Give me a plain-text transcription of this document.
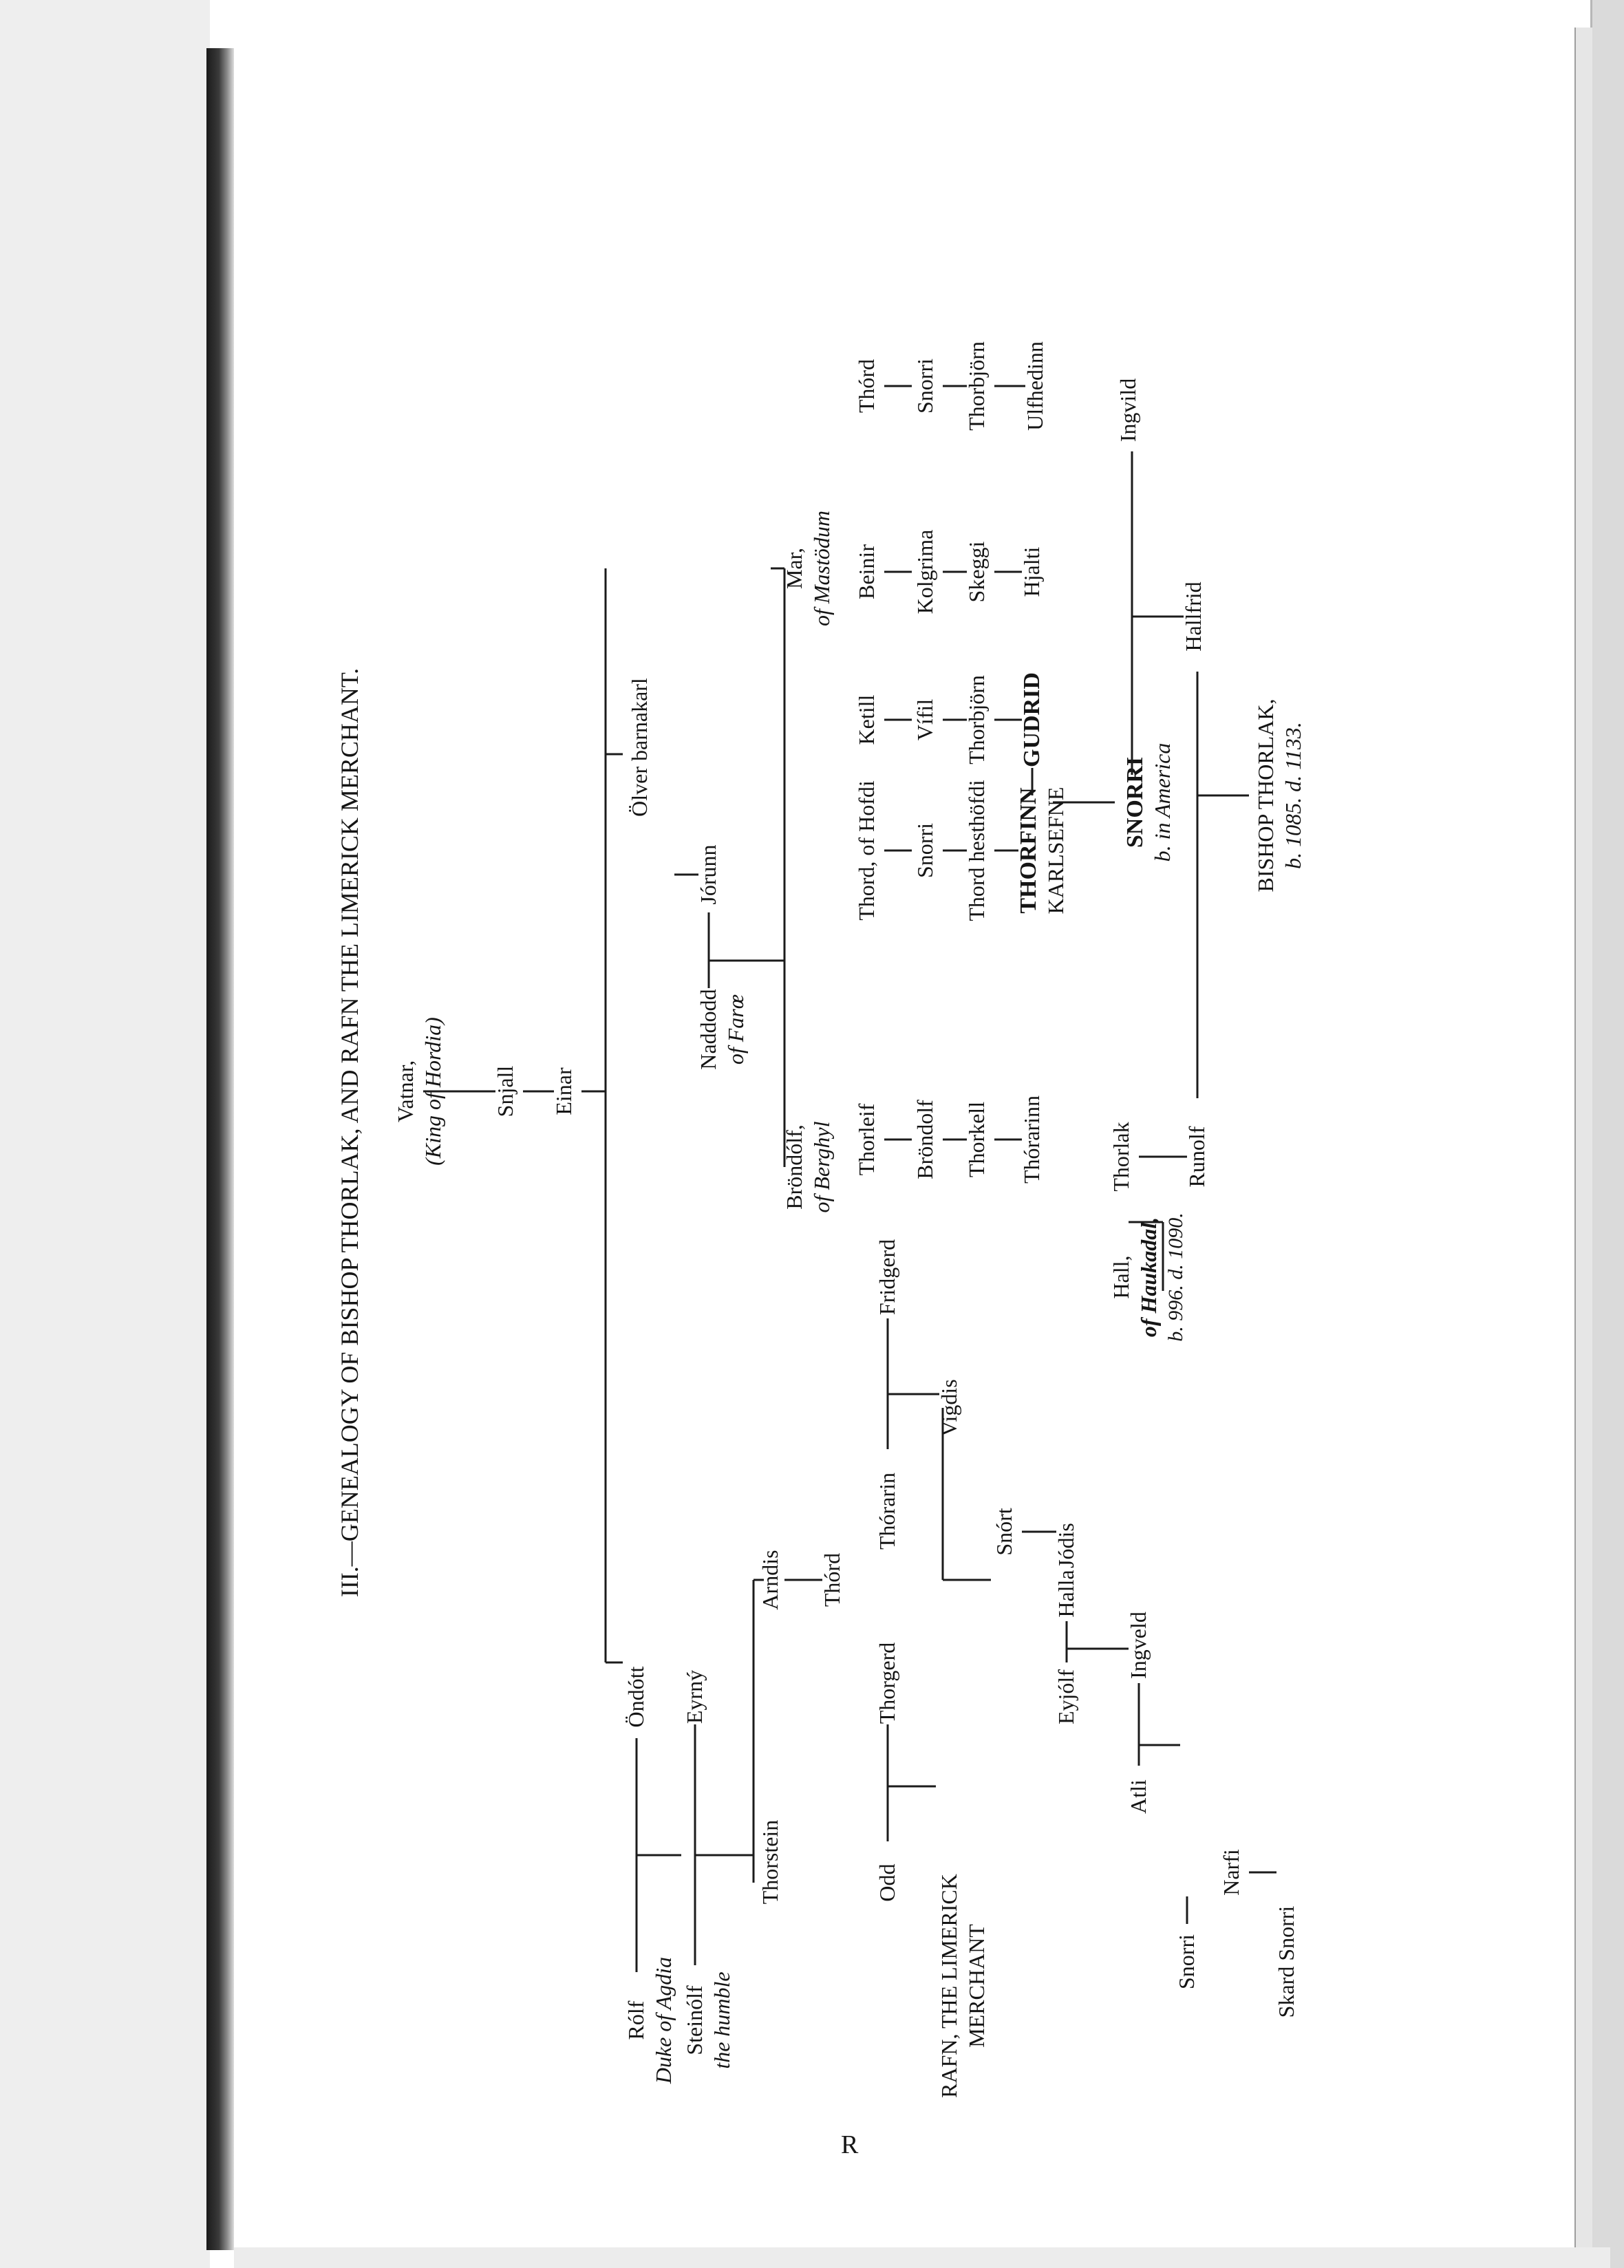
III.—GENEALOGY OF BISHOP THORLAK, AND RAFN THE LIMERICK MERCHANT. Vatnar, (King of Hordia) Snjall Einar
Rólf Duke of Agdia
Öndótt
Steinólf the humble
Eyrný
Thorstein
Arndis Thórd
Odd
Thorgerd
RAFN, THE LIMERICK MERCHANT
Thórarin
Fridgerd
Vigdis
Snórt Jódis
Eyjólf
Halla
Atli
Ingveld
Snorri
Narfi
Skard Snorri
Ölver barnakarl
Jórunn
Naddodd of Farœ
Bröndólf, of Berghyl
Mar, of Mastödum
Thorleif Bröndolf Thorkell Thórarinn
Thord, of Hofdi Snorri Thord hesthöfdi THORFINN KARLSEFNE
Ketill Vífil Thorbjörn GUDRID
Beinir Kolgrima Skeggi Hjalti
Thórd Snorri Thorbjörn Ulfhedinn
SNORRI b. in America
Ingvild
Hallfrid
Hall, of Haukadal, b. 996. d. 1090.
Thorlak Runolf
BISHOP THORLAK, b. 1085. d. 1133.
R
